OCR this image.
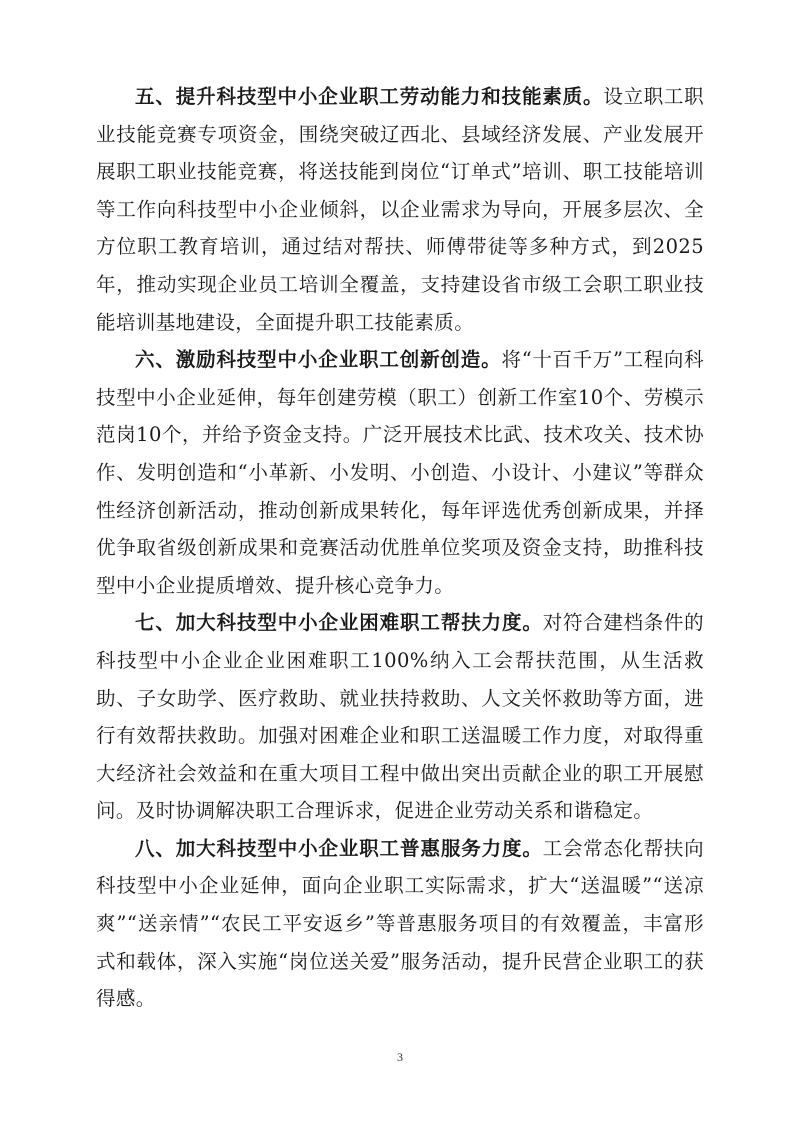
五、提升科技型中小企业职工劳动能力和技能素质。设立职工职业技能竞赛专项资金，围绕突破辽西北、县域经济发展、产业发展开展职工职业技能竞赛，将送技能到岗位“订单式”培训、职工技能培训等工作向科技型中小企业倾斜，以企业需求为导向，开展多层次、全方位职工教育培训，通过结对帮扶、师傅带徒等多种方式，到2025年，推动实现企业员工培训全覆盖，支持建设省市级工会职工职业技能培训基地建设，全面提升职工技能素质。

六、激励科技型中小企业职工创新创造。将“十百千万”工程向科技型中小企业延伸，每年创建劳模（职工）创新工作室10个、劳模示范岗10个，并给予资金支持。广泛开展技术比武、技术攻关、技术协作、发明创造和“小革新、小发明、小创造、小设计、小建议”等群众性经济创新活动，推动创新成果转化，每年评选优秀创新成果，并择优争取省级创新成果和竞赛活动优胜单位奖项及资金支持，助推科技型中小企业提质增效、提升核心竞争力。

七、加大科技型中小企业困难职工帮扶力度。对符合建档条件的科技型中小企业企业困难职工100%纳入工会帮扶范围，从生活救助、子女助学、医疗救助、就业扶持救助、人文关怀救助等方面，进行有效帮扶救助。加强对困难企业和职工送温暖工作力度，对取得重大经济社会效益和在重大项目工程中做出突出贡献企业的职工开展慰问。及时协调解决职工合理诉求，促进企业劳动关系和谐稳定。

八、加大科技型中小企业职工普惠服务力度。工会常态化帮扶向科技型中小企业延伸，面向企业职工实际需求，扩大“送温暖”“送凉爽”“送亲情”“农民工平安返乡”等普惠服务项目的有效覆盖，丰富形式和载体，深入实施“岗位送关爱”服务活动，提升民营企业职工的获得感。

3
